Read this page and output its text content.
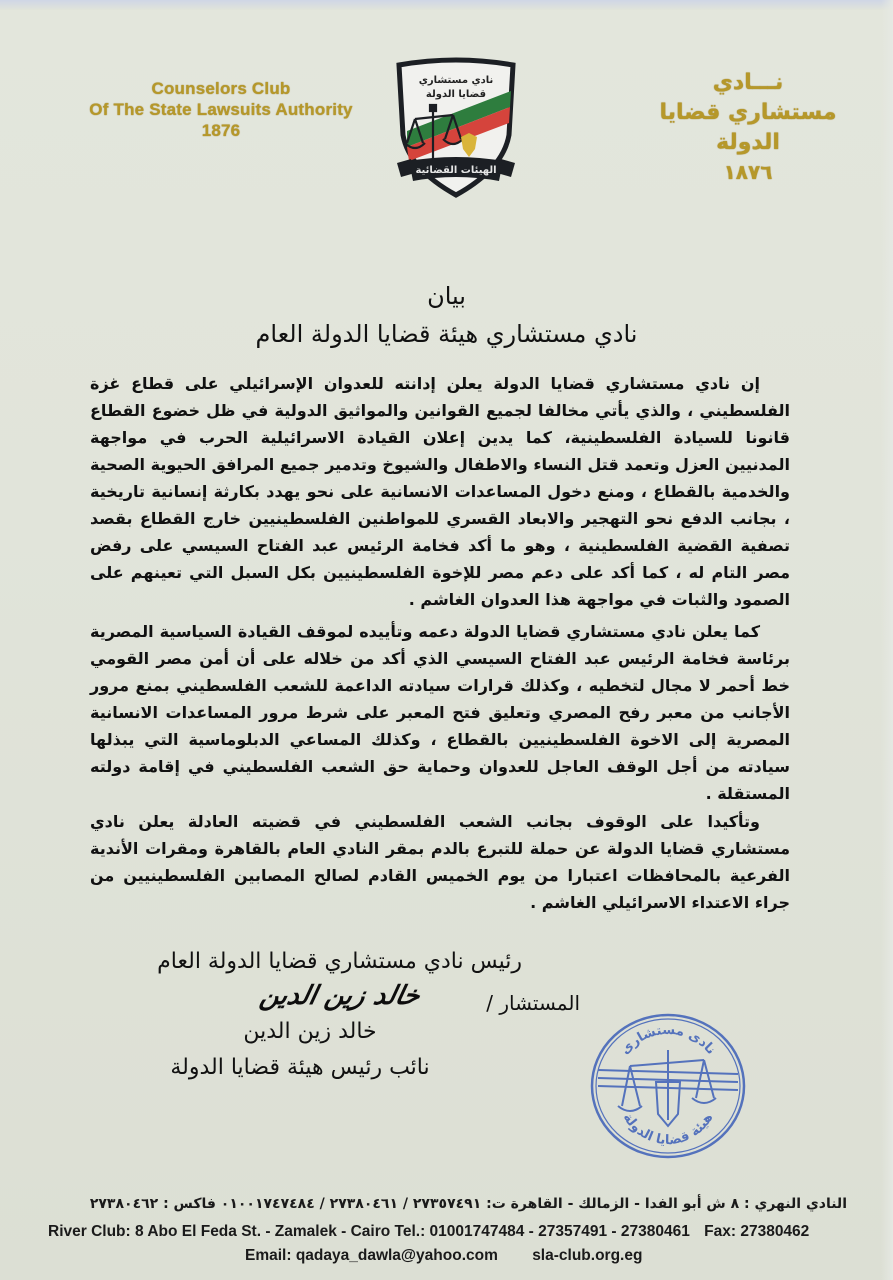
Counselors Club
Of The State Lawsuits Authority
1876
نادي مستشاري
قضايا الدولة
الهيئات القضائية
نـــادي
مستشاري قضايا الدولة
١٨٧٦
بيان
نادي مستشاري هيئة قضايا الدولة العام
إن نادي مستشاري قضايا الدولة يعلن إدانته للعدوان الإسرائيلي على قطاع غزة الفلسطيني ، والذي يأتي مخالفا لجميع القوانين والمواثيق الدولية في ظل خضوع القطاع قانونا للسيادة الفلسطينية، كما يدين إعلان القيادة الاسرائيلية الحرب في مواجهة المدنيين العزل وتعمد قتل النساء والاطفال والشيوخ وتدمير جميع المرافق الحيوية الصحية والخدمية بالقطاع ، ومنع دخول المساعدات الانسانية على نحو يهدد بكارثة إنسانية تاريخية ، بجانب الدفع نحو التهجير والابعاد القسري للمواطنين الفلسطينيين خارج القطاع بقصد تصفية القضية الفلسطينية ، وهو ما أكد فخامة الرئيس عبد الفتاح السيسي على رفض مصر التام له ، كما أكد على دعم مصر للإخوة الفلسطينيين بكل السبل التي تعينهم على الصمود والثبات في مواجهة هذا العدوان الغاشم .
كما يعلن نادي مستشاري قضايا الدولة دعمه وتأييده لموقف القيادة السياسية المصرية برئاسة فخامة الرئيس عبد الفتاح السيسي الذي أكد من خلاله على أن أمن مصر القومي خط أحمر لا مجال لتخطيه ، وكذلك قرارات سيادته الداعمة للشعب الفلسطيني بمنع مرور الأجانب من معبر رفح المصري وتعليق فتح المعبر على شرط مرور المساعدات الانسانية المصرية إلى الاخوة الفلسطينيين بالقطاع ، وكذلك المساعي الدبلوماسية التي يبذلها سيادته من أجل الوقف العاجل للعدوان وحماية حق الشعب الفلسطيني في إقامة دولته المستقلة .
وتأكيدا على الوقوف بجانب الشعب الفلسطيني في قضيته العادلة يعلن نادي مستشاري قضايا الدولة عن حملة للتبرع بالدم بمقر النادي العام بالقاهرة ومقرات الأندية الفرعية بالمحافظات اعتبارا من يوم الخميس القادم لصالح المصابين الفلسطينيين من جراء الاعتداء الاسرائيلي الغاشم .
رئيس نادي مستشاري قضايا الدولة العام
المستشار /
خالد زين الدين
خالد زين الدين
نائب رئيس هيئة قضايا الدولة
نادى مستشارى
هيئة قضايا الدولة
النادي النهري : ٨ ش أبو الفدا - الزمالك - القاهرة ت: ٢٧٣٥٧٤٩١ / ٢٧٣٨٠٤٦١ / ٠١٠٠١٧٤٧٤٨٤ فاكس : ٢٧٣٨٠٤٦٢
River Club: 8 Abo El Feda St. - Zamalek - Cairo Tel.: 01001747484 - 27357491 - 27380461 Fax: 27380462
Email: qadaya_dawla@yahoo.com sla-club.org.eg
